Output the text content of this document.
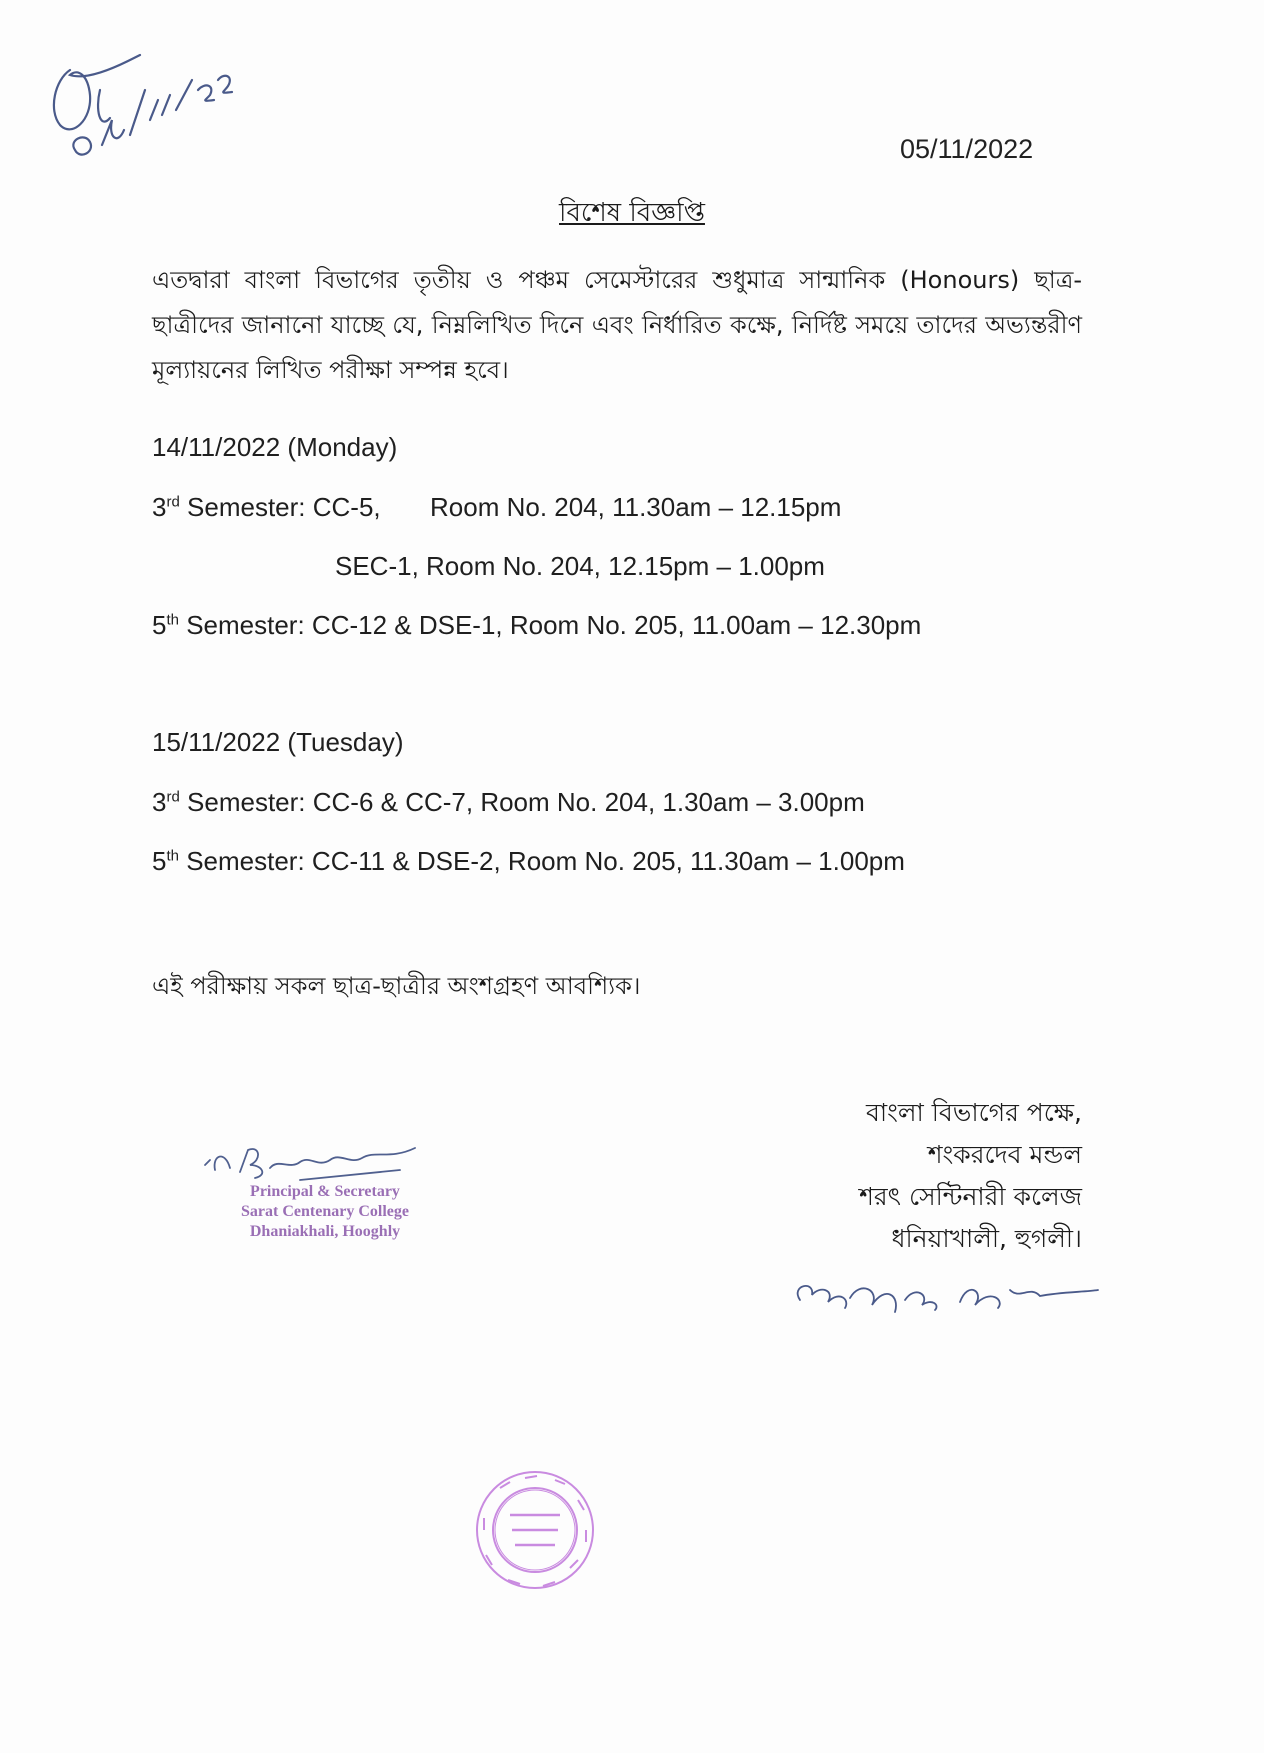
05/11/2022
বিশেষ বিজ্ঞপ্তি
এতদ্বারা বাংলা বিভাগের তৃতীয় ও পঞ্চম সেমেস্টারের শুধুমাত্র সান্মানিক (Honours) ছাত্র-ছাত্রীদের জানানো যাচ্ছে যে, নিম্নলিখিত দিনে এবং নির্ধারিত কক্ষে, নির্দিষ্ট সময়ে তাদের অভ্যন্তরীণ মূল্যায়নের লিখিত পরীক্ষা সম্পন্ন হবে।
14/11/2022 (Monday)
3rd Semester: CC-5, Room No. 204, 11.30am – 12.15pm
SEC-1, Room No. 204, 12.15pm – 1.00pm
5th Semester: CC-12 & DSE-1, Room No. 205, 11.00am – 12.30pm
15/11/2022 (Tuesday)
3rd Semester: CC-6 & CC-7, Room No. 204, 1.30am – 3.00pm
5th Semester: CC-11 & DSE-2, Room No. 205, 11.30am – 1.00pm
এই পরীক্ষায় সকল ছাত্র-ছাত্রীর অংশগ্রহণ আবশ্যিক।
বাংলা বিভাগের পক্ষে,
শংকরদেব মন্ডল
শরৎ সেন্টিনারী কলেজ
ধনিয়াখালী, হুগলী।
Principal & Secretary
Sarat Centenary College
Dhaniakhali, Hooghly
